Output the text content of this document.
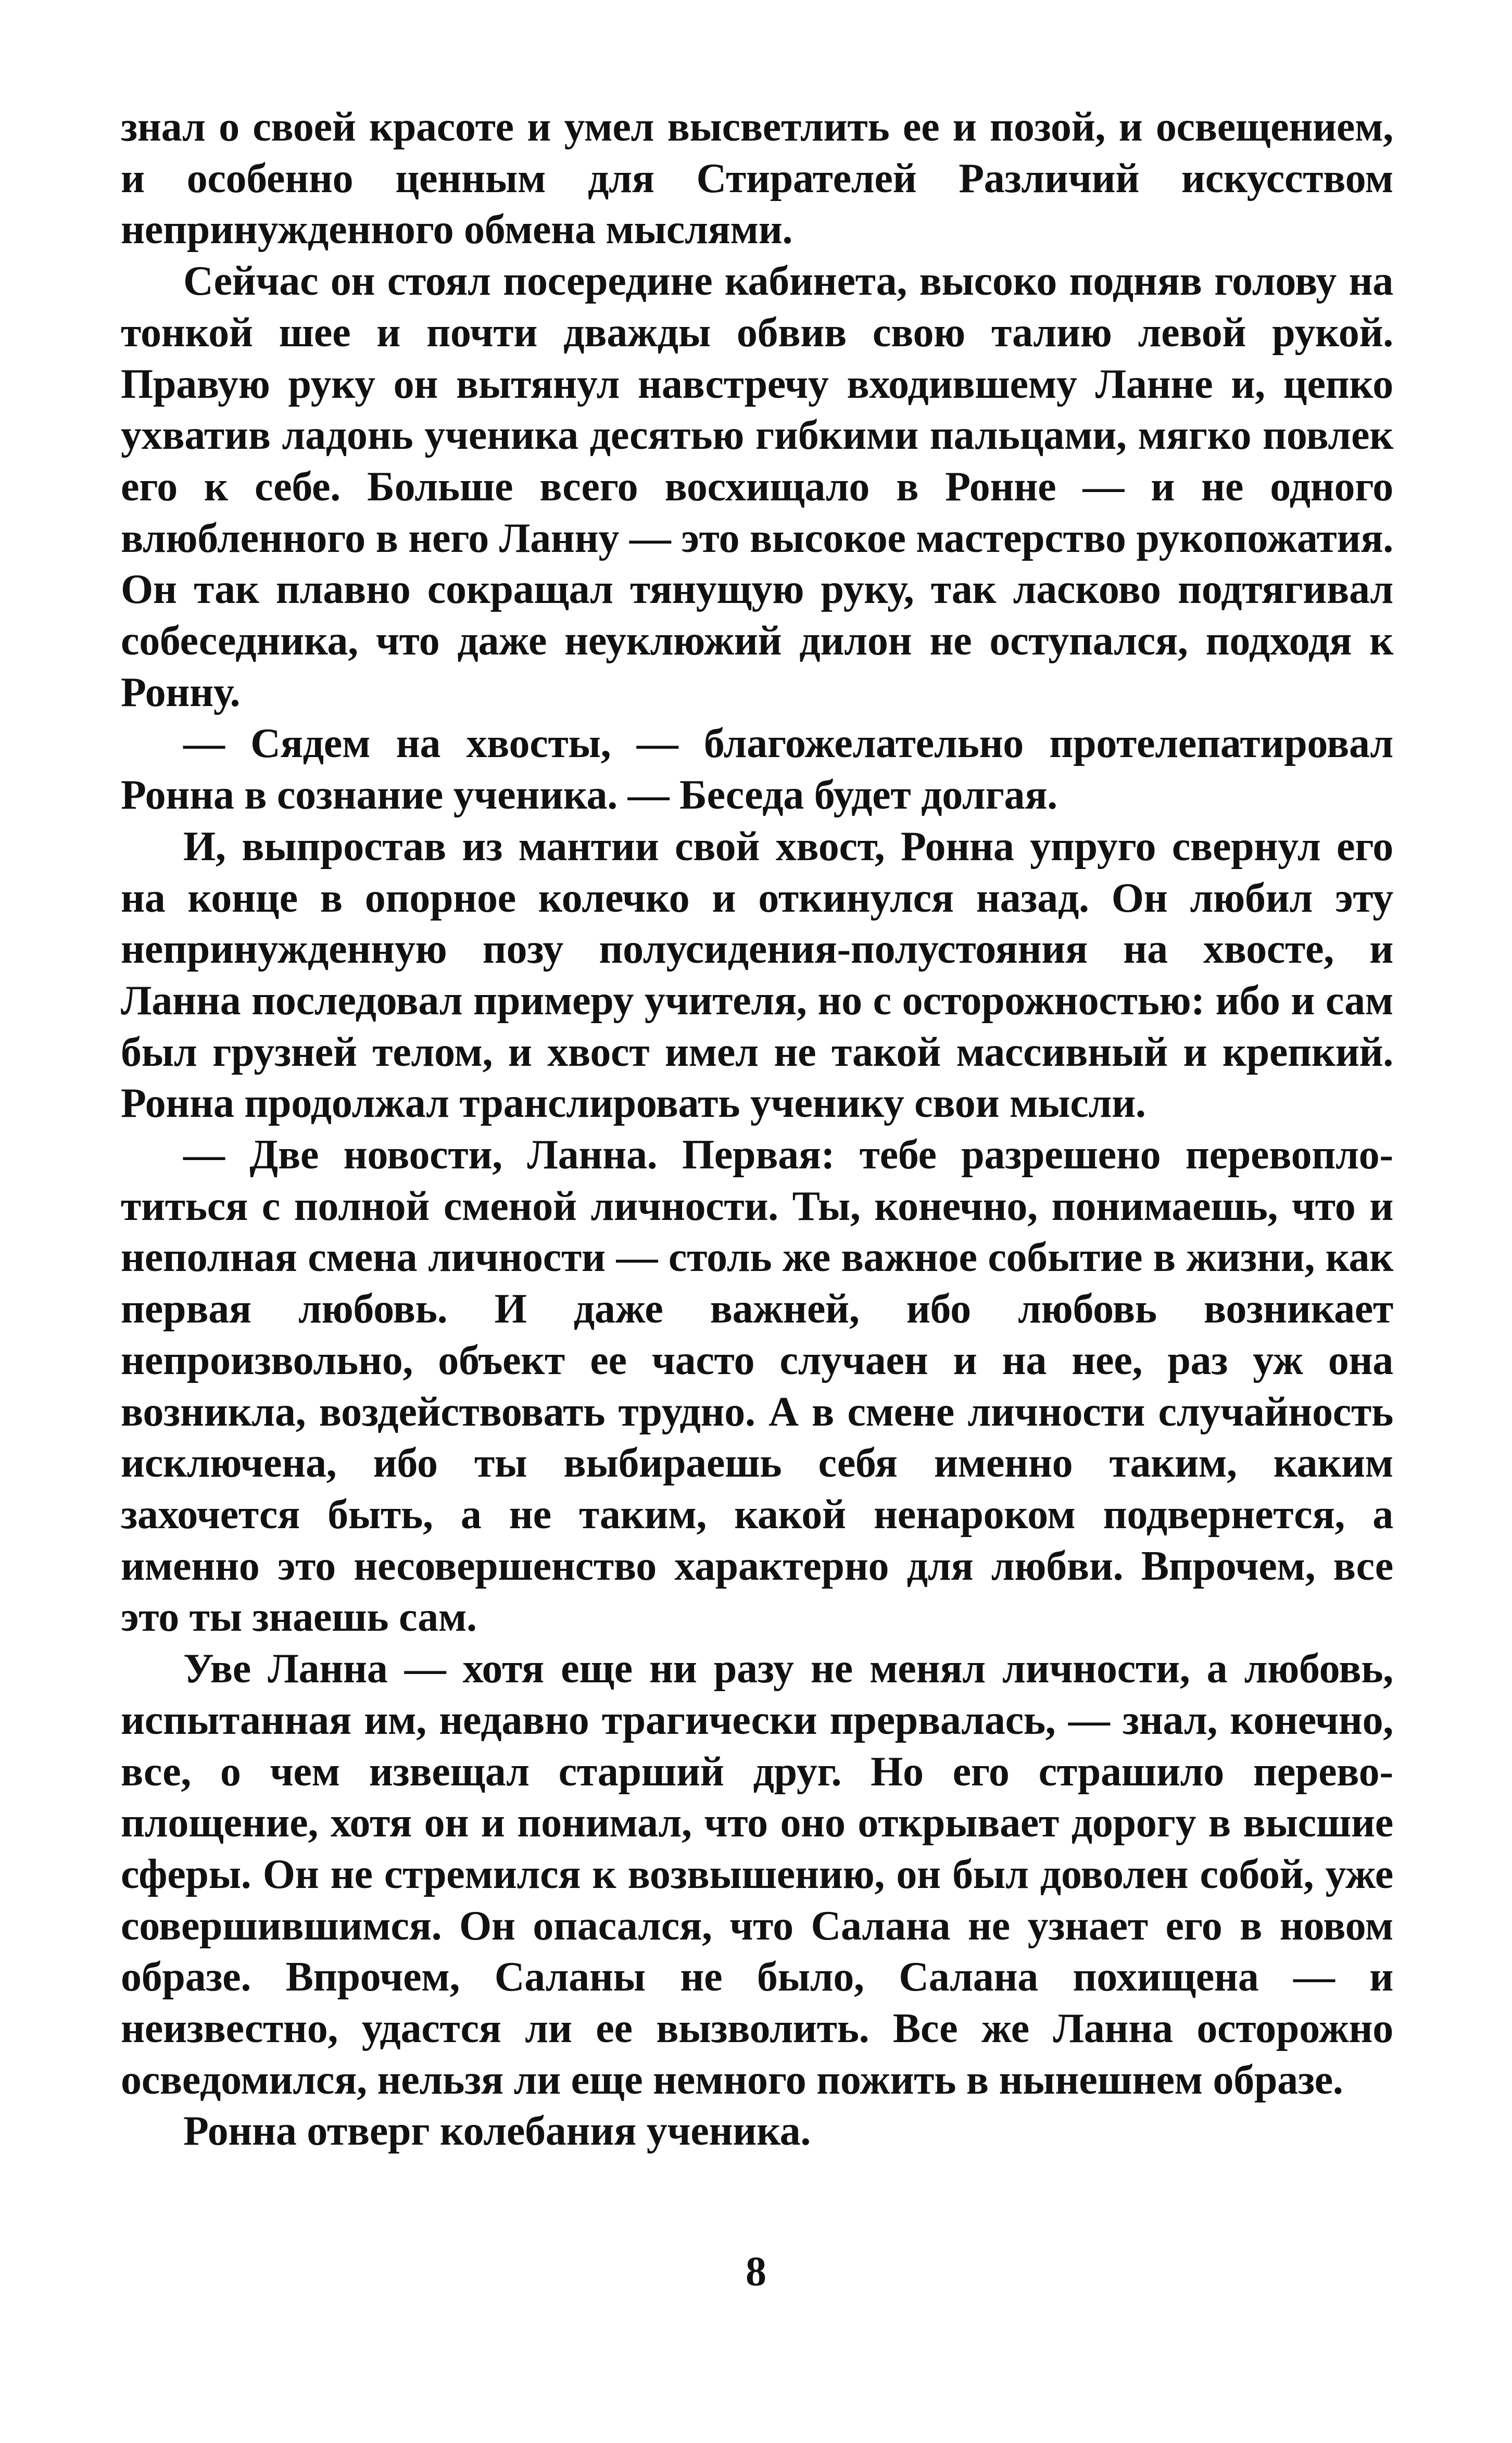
знал о своей красоте и умел высветлить ее и позой, и освещением, и особенно ценным для Стирателей Различий искусством непринужденного обмена мыслями.

Сейчас он стоял посередине кабинета, высоко подняв голову на тонкой шее и почти дважды обвив свою талию левой рукой. Правую руку он вытянул навстречу входившему Ланне и, цепко ухватив ладонь ученика десятью гибкими пальцами, мягко повлек его к себе. Больше всего восхищало в Ронне — и не одного влюбленного в него Ланну — это высокое мастерство рукопожатия. Он так плавно сокращал тянущую руку, так ласково подтягивал собеседника, что даже неуклюжий дилон не оступался, подходя к Ронну.

— Сядем на хвосты, — благожелательно протелепатировал Ронна в сознание ученика. — Беседа будет долгая.

И, выпростав из мантии свой хвост, Ронна упруго свернул его на конце в опорное колечко и откинулся назад. Он любил эту непринужденную позу полусидения-полустояния на хвосте, и Ланна последовал примеру учителя, но с осторожностью: ибо и сам был грузней телом, и хвост имел не такой массивный и крепкий. Ронна продолжал транслировать ученику свои мысли.

— Две новости, Ланна. Первая: тебе разрешено перевоплотиться с полной сменой личности. Ты, конечно, понимаешь, что и неполная смена личности — столь же важное событие в жизни, как первая любовь. И даже важней, ибо любовь возникает непроизвольно, объект ее часто случаен и на нее, раз уж она возникла, воздействовать трудно. А в смене личности случайность исключена, ибо ты выбираешь себя именно таким, каким захочется быть, а не таким, какой ненароком подвернется, а именно это несовершенство характерно для любви. Впрочем, все это ты знаешь сам.

Уве Ланна — хотя еще ни разу не менял личности, а любовь, испытанная им, недавно трагически прервалась, — знал, конечно, все, о чем извещал старший друг. Но его страшило перевоплощение, хотя он и понимал, что оно открывает дорогу в высшие сферы. Он не стремился к возвышению, он был доволен собой, уже совершившимся. Он опасался, что Салана не узнает его в новом образе. Впрочем, Саланы не было, Салана похищена — и неизвестно, удастся ли ее вызволить. Все же Ланна осторожно осведомился, нельзя ли еще немного пожить в нынешнем образе.

Ронна отверг колебания ученика.

8
